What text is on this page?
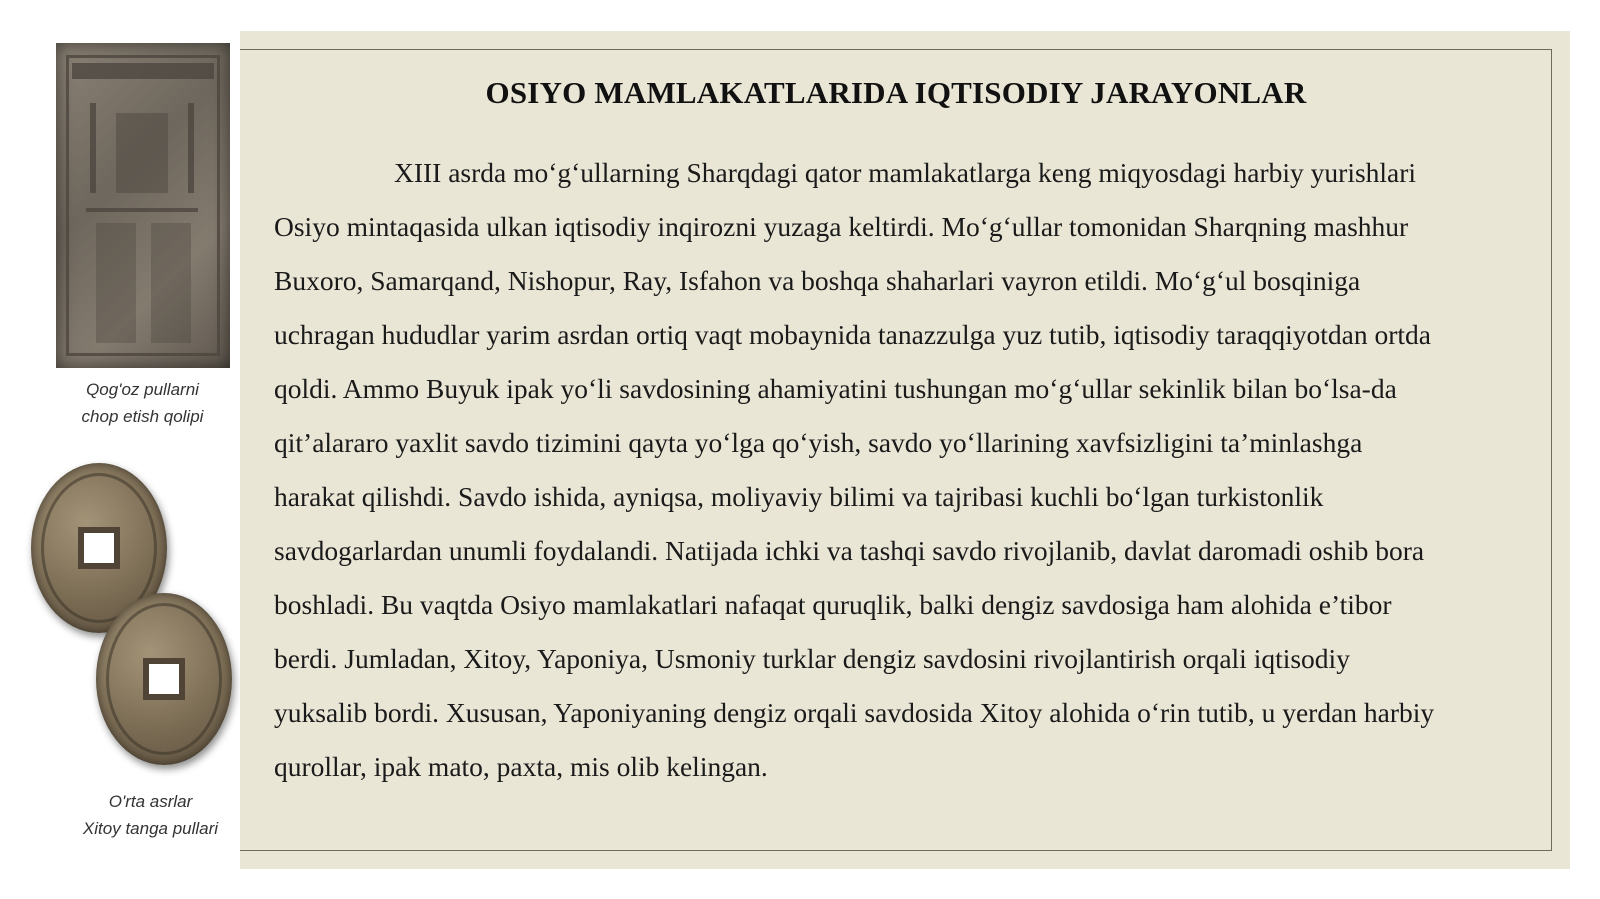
Qog'oz pullarni
chop etish qolipi
O'rta asrlar
Xitoy tanga pullari
OSIYO MAMLAKATLARIDA IQTISODIY JARAYONLAR

XIII asrda mo‘g‘ullarning Sharqdagi qator mamlakatlarga keng miqyosdagi harbiy yurishlari
Osiyo mintaqasida ulkan iqtisodiy inqirozni yuzaga keltirdi. Mo‘g‘ullar tomonidan Sharqning mashhur
Buxoro, Samarqand, Nishopur, Ray, Isfahon va boshqa shaharlari vayron etildi. Mo‘g‘ul bosqiniga
uchragan hududlar yarim asrdan ortiq vaqt mobaynida tanazzulga yuz tutib, iqtisodiy taraqqiyotdan ortda
qoldi. Ammo Buyuk ipak yo‘li savdosining ahamiyatini tushungan mo‘g‘ullar sekinlik bilan bo‘lsa-da
qit’alararo yaxlit savdo tizimini qayta yo‘lga qo‘yish, savdo yo‘llarining xavfsizligini ta’minlashga
harakat qilishdi. Savdo ishida, ayniqsa, moliyaviy bilimi va tajribasi kuchli bo‘lgan turkistonlik
savdogarlardan unumli foydalandi. Natijada ichki va tashqi savdo rivojlanib, davlat daromadi oshib bora
boshladi. Bu vaqtda Osiyo mamlakatlari nafaqat quruqlik, balki dengiz savdosiga ham alohida e’tibor
berdi. Jumladan, Xitoy, Yaponiya, Usmoniy turklar dengiz savdosini rivojlantirish orqali iqtisodiy
yuksalib bordi. Xususan, Yaponiyaning dengiz orqali savdosida Xitoy alohida o‘rin tutib, u yerdan harbiy
qurollar, ipak mato, paxta, mis olib kelingan.
